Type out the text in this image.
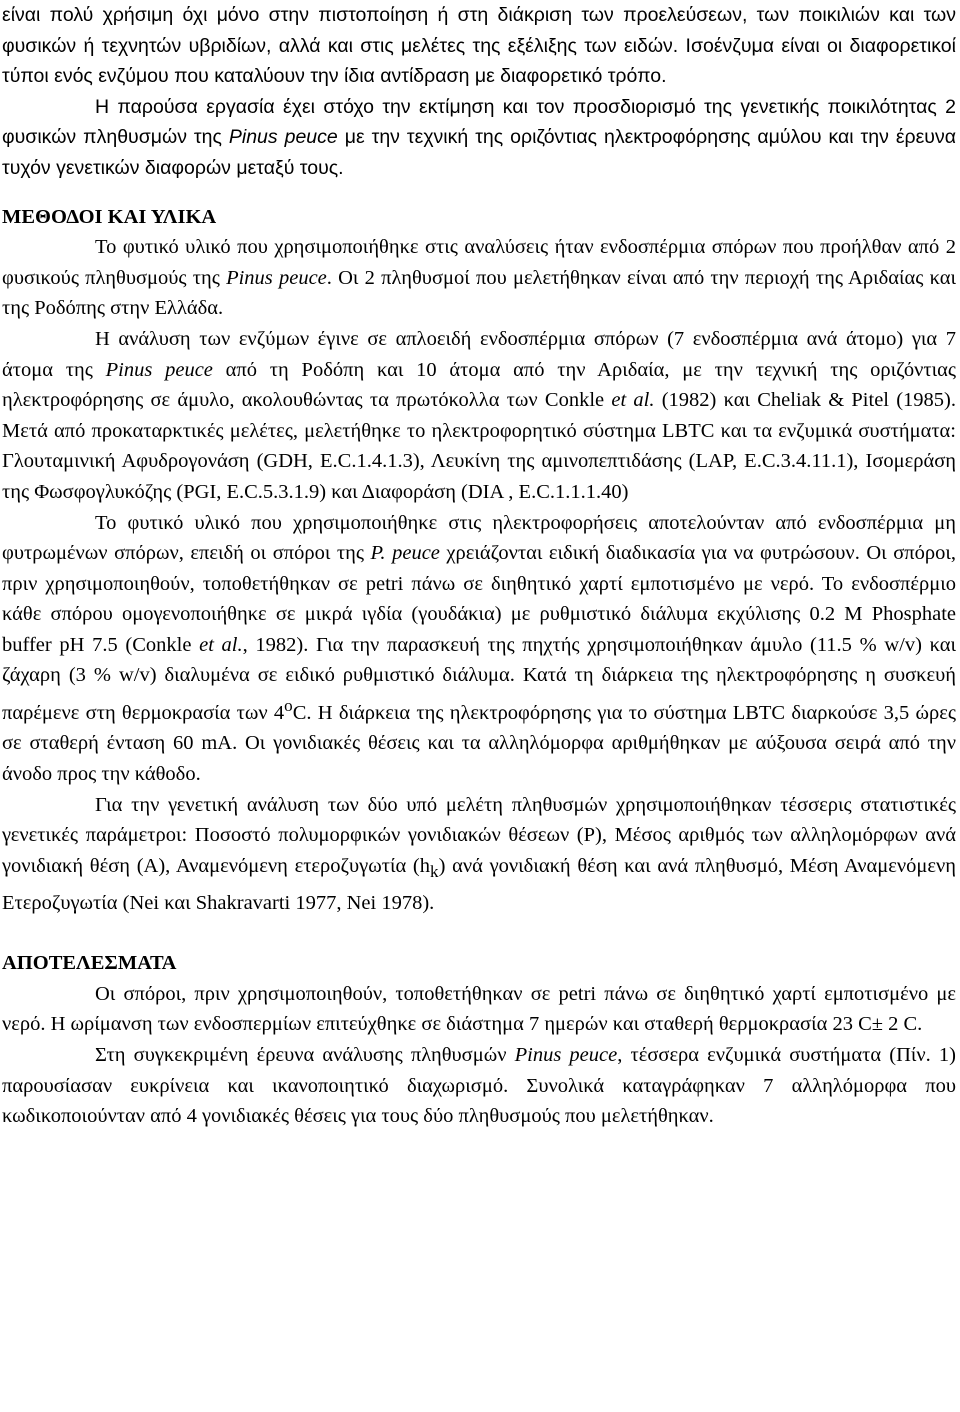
είναι πολύ χρήσιμη όχι μόνο στην πιστοποίηση ή στη διάκριση των προελεύσεων, των ποικιλιών και των φυσικών ή τεχνητών υβριδίων, αλλά και στις μελέτες της εξέλιξης των ειδών. Ισοένζυμα είναι οι διαφορετικοί τύποι ενός ενζύμου που καταλύουν την ίδια αντίδραση με διαφορετικό τρόπο.

Η παρούσα εργασία έχει στόχο την εκτίμηση και τον προσδιορισμό της γενετικής ποικιλότητας 2 φυσικών πληθυσμών της Pinus peuce με την τεχνική της οριζόντιας ηλεκτροφόρησης αμύλου και την έρευνα τυχόν γενετικών διαφορών μεταξύ τους.

ΜΕΘΟΔΟΙ ΚΑΙ ΥΛΙΚΑ

Το φυτικό υλικό που χρησιμοποιήθηκε στις αναλύσεις ήταν ενδοσπέρμια σπόρων που προήλθαν από 2 φυσικούς πληθυσμούς της Pinus peuce. Οι 2 πληθυσμοί που μελετήθηκαν είναι από την περιοχή της Αριδαίας και της Ροδόπης στην Ελλάδα.

Η ανάλυση των ενζύμων έγινε σε απλοειδή ενδοσπέρμια σπόρων (7 ενδοσπέρμια ανά άτομο) για 7 άτομα της Pinus peuce από τη Ροδόπη και 10 άτομα από την Αριδαία, με την τεχνική της οριζόντιας ηλεκτροφόρησης σε άμυλο, ακολουθώντας τα πρωτόκολλα των Conkle et al. (1982) και Cheliak & Pitel (1985). Μετά από προκαταρκτικές μελέτες, μελετήθηκε το ηλεκτροφορητικό σύστημα LBTC και τα ενζυμικά συστήματα: Γλουταμινική Αφυδρογονάση (GDH, E.C.1.4.1.3), Λευκίνη της αμινοπεπτιδάσης (LAP, E.C.3.4.11.1), Ισομεράση της Φωσφογλυκόζης (PGI, E.C.5.3.1.9) και Διαφοράση (DIA , E.C.1.1.1.40)

Το φυτικό υλικό που χρησιμοποιήθηκε στις ηλεκτροφορήσεις αποτελούνταν από ενδοσπέρμια μη φυτρωμένων σπόρων, επειδή οι σπόροι της P. peuce χρειάζονται ειδική διαδικασία για να φυτρώσουν. Οι σπόροι, πριν χρησιμοποιηθούν, τοποθετήθηκαν σε petri πάνω σε διηθητικό χαρτί εμποτισμένο με νερό. Το ενδοσπέρμιο κάθε σπόρου ομογενοποιήθηκε σε μικρά ιγδία (γουδάκια) με ρυθμιστικό διάλυμα εκχύλισης 0.2 M Phosphate buffer pH 7.5 (Conkle et al., 1982). Για την παρασκευή της πηχτής χρησιμοποιήθηκαν άμυλο (11.5 % w/v) και ζάχαρη (3 % w/v) διαλυμένα σε ειδικό ρυθμιστικό διάλυμα. Κατά τη διάρκεια της ηλεκτροφόρησης η συσκευή παρέμενε στη θερμοκρασία των 4$^o$C. Η διάρκεια της ηλεκτροφόρησης για το σύστημα LBTC διαρκούσε 3,5 ώρες σε σταθερή ένταση 60 mA. Οι γονιδιακές θέσεις και τα αλληλόμορφα αριθμήθηκαν με αύξουσα σειρά από την άνοδο προς την κάθοδο.

Για την γενετική ανάλυση των δύο υπό μελέτη πληθυσμών χρησιμοποιήθηκαν τέσσερις στατιστικές γενετικές παράμετροι: Ποσοστό πολυμορφικών γονιδιακών θέσεων (P), Μέσος αριθμός των αλληλομόρφων ανά γονιδιακή θέση (A), Αναμενόμενη ετεροζυγωτία $(h_k)$ ανά γονιδιακή θέση και ανά πληθυσμό, Μέση Αναμενόμενη Ετεροζυγωτία (Nei και Shakravarti 1977, Nei 1978).

ΑΠΟΤΕΛΕΣΜΑΤΑ

Οι σπόροι, πριν χρησιμοποιηθούν, τοποθετήθηκαν σε petri πάνω σε διηθητικό χαρτί εμποτισμένο με νερό. Η ωρίμανση των ενδοσπερμίων επιτεύχθηκε σε διάστημα 7 ημερών και σταθερή θερμοκρασία 23 C± 2 C.

Στη συγκεκριμένη έρευνα ανάλυσης πληθυσμών Pinus peuce, τέσσερα ενζυμικά συστήματα (Πίν. 1) παρουσίασαν ευκρίνεια και ικανοποιητικό διαχωρισμό. Συνολικά καταγράφηκαν 7 αλληλόμορφα που κωδικοποιούνταν από 4 γονιδιακές θέσεις για τους δύο πληθυσμούς που μελετήθηκαν.
